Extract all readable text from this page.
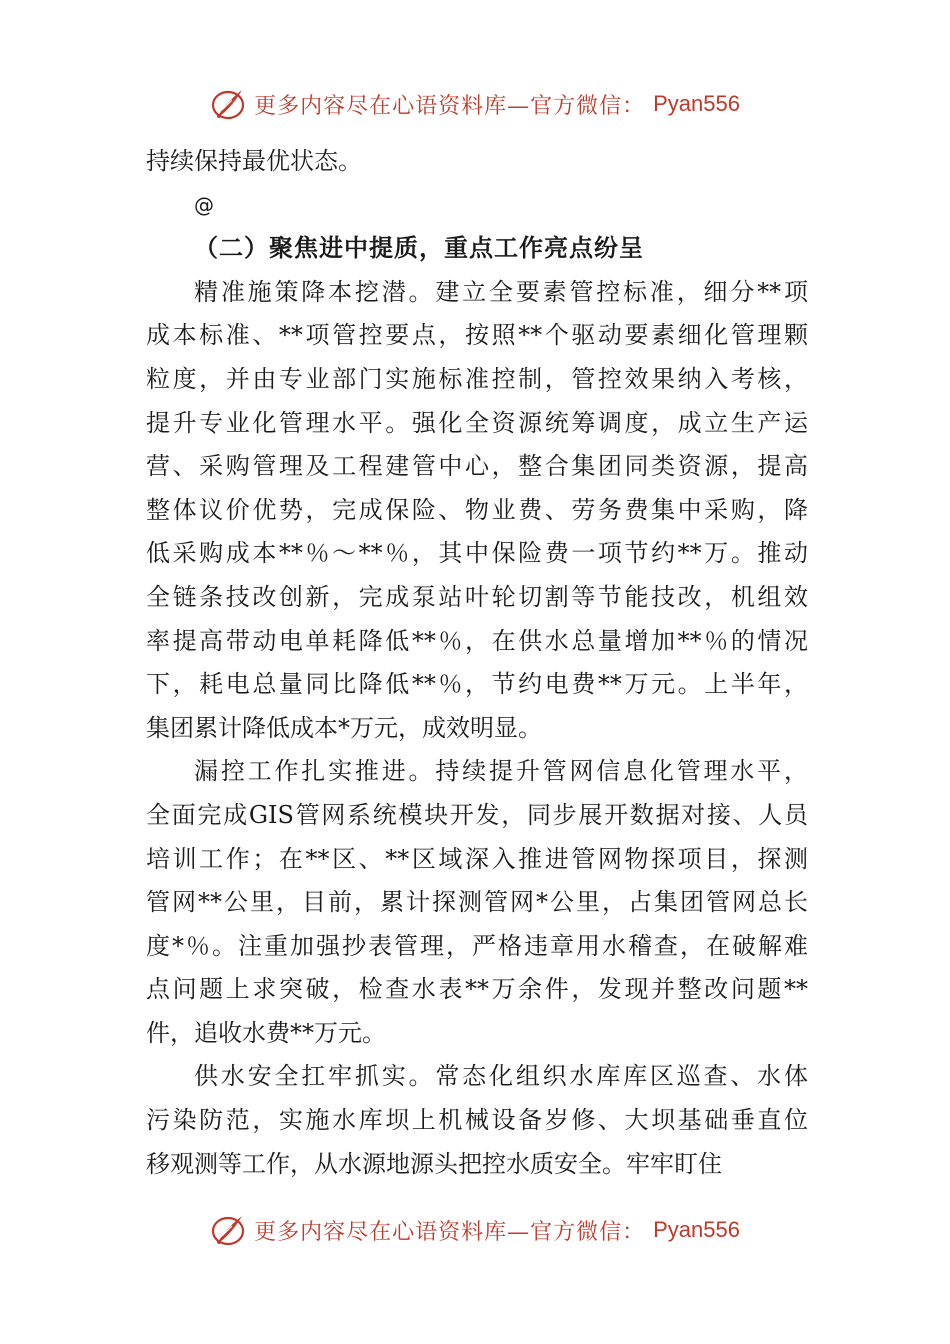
更多内容尽在心语资料库—官方微信： Pyan556
持续保持最优状态。
@
（二）聚焦进中提质，重点工作亮点纷呈
精准施策降本挖潜。建立全要素管控标准，细分**项
成本标准、**项管控要点，按照**个驱动要素细化管理颗
粒度，并由专业部门实施标准控制，管控效果纳入考核，
提升专业化管理水平。强化全资源统筹调度，成立生产运
营、采购管理及工程建管中心，整合集团同类资源，提高
整体议价优势，完成保险、物业费、劳务费集中采购，降
低采购成本**％～**％，其中保险费一项节约**万。推动
全链条技改创新，完成泵站叶轮切割等节能技改，机组效
率提高带动电单耗降低**％，在供水总量增加**％的情况
下，耗电总量同比降低**％，节约电费**万元。上半年，
集团累计降低成本*万元，成效明显。
漏控工作扎实推进。持续提升管网信息化管理水平，
全面完成GIS管网系统模块开发，同步展开数据对接、人员
培训工作；在**区、**区域深入推进管网物探项目，探测
管网**公里，目前，累计探测管网*公里，占集团管网总长
度*％。注重加强抄表管理，严格违章用水稽查，在破解难
点问题上求突破，检查水表**万余件，发现并整改问题**
件，追收水费**万元。
供水安全扛牢抓实。常态化组织水库库区巡查、水体
污染防范，实施水库坝上机械设备岁修、大坝基础垂直位
移观测等工作，从水源地源头把控水质安全。牢牢盯住
更多内容尽在心语资料库—官方微信： Pyan556
